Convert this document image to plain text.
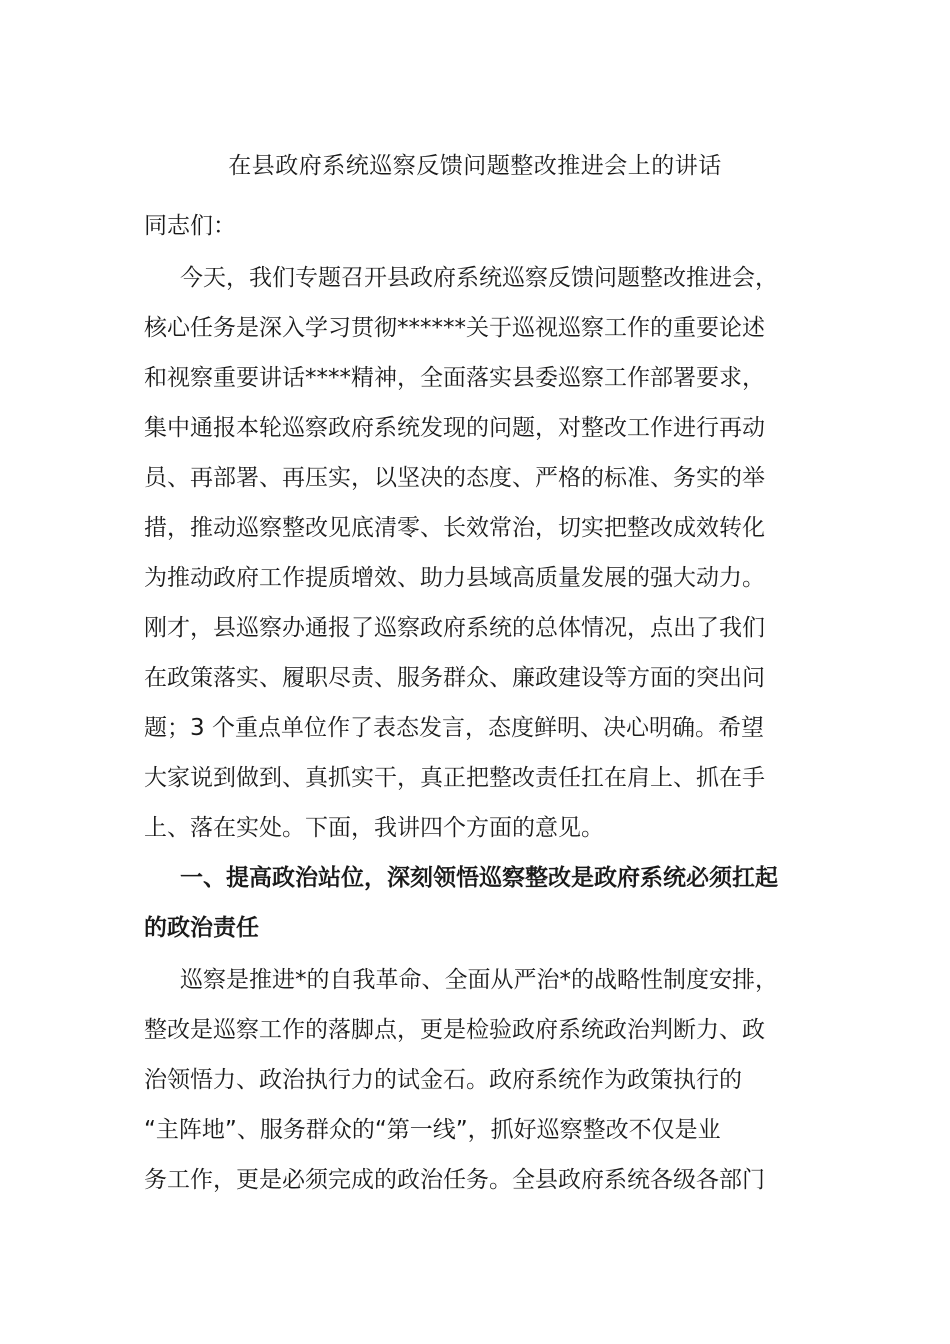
在县政府系统巡察反馈问题整改推进会上的讲话
同志们：
今天，我们专题召开县政府系统巡察反馈问题整改推进会，
核心任务是深入学习贯彻******关于巡视巡察工作的重要论述
和视察重要讲话****精神，全面落实县委巡察工作部署要求，
集中通报本轮巡察政府系统发现的问题，对整改工作进行再动
员、再部署、再压实，以坚决的态度、严格的标准、务实的举
措，推动巡察整改见底清零、长效常治，切实把整改成效转化
为推动政府工作提质增效、助力县域高质量发展的强大动力。
刚才，县巡察办通报了巡察政府系统的总体情况，点出了我们
在政策落实、履职尽责、服务群众、廉政建设等方面的突出问
题；3 个重点单位作了表态发言，态度鲜明、决心明确。希望
大家说到做到、真抓实干，真正把整改责任扛在肩上、抓在手
上、落在实处。下面，我讲四个方面的意见。
一、提高政治站位，深刻领悟巡察整改是政府系统必须扛起
的政治责任
巡察是推进*的自我革命、全面从严治*的战略性制度安排，
整改是巡察工作的落脚点，更是检验政府系统政治判断力、政
治领悟力、政治执行力的试金石。政府系统作为政策执行的
“主阵地”、服务群众的“第一线”，抓好巡察整改不仅是业
务工作，更是必须完成的政治任务。全县政府系统各级各部门
